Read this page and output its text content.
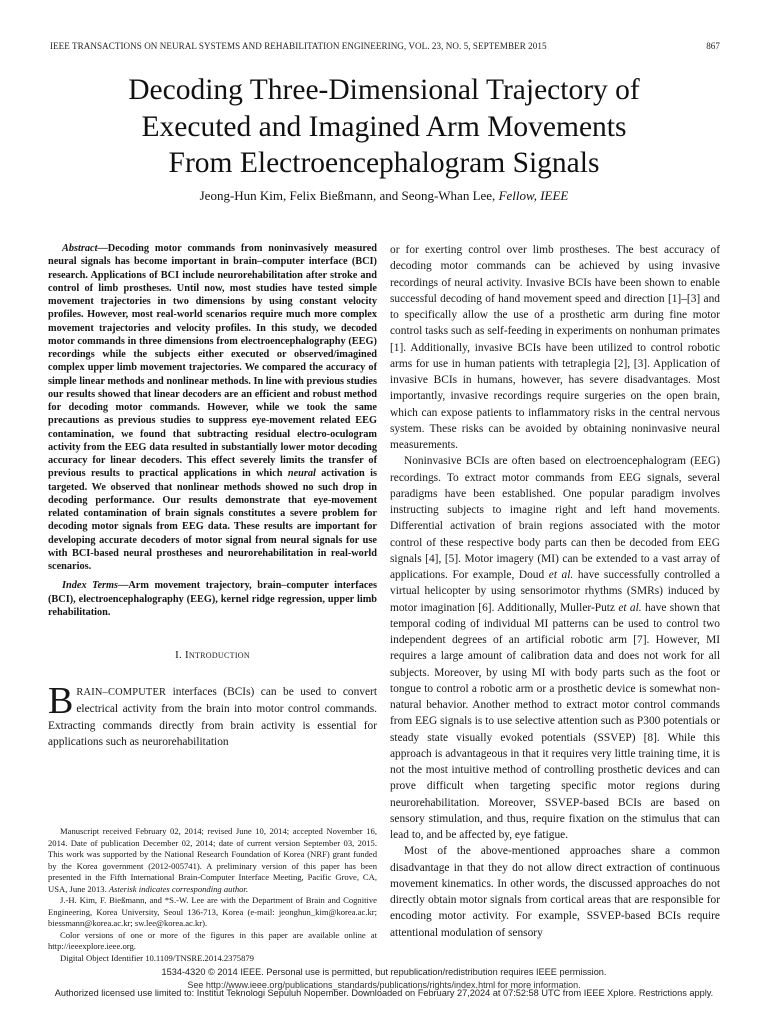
IEEE TRANSACTIONS ON NEURAL SYSTEMS AND REHABILITATION ENGINEERING, VOL. 23, NO. 5, SEPTEMBER 2015	867
Decoding Three-Dimensional Trajectory of
Executed and Imagined Arm Movements
From Electroencephalogram Signals
Jeong-Hun Kim, Felix Bießmann, and Seong-Whan Lee, Fellow, IEEE

Abstract—Decoding motor commands from noninvasively measured neural signals has become important in brain–computer interface (BCI) research. Applications of BCI include neurorehabilitation after stroke and control of limb prostheses. Until now, most studies have tested simple movement trajectories in two dimensions by using constant velocity profiles. However, most real-world scenarios require much more complex movement trajectories and velocity profiles. In this study, we decoded motor commands in three dimensions from electroencephalography (EEG) recordings while the subjects either executed or observed/imagined complex upper limb movement trajectories. We compared the accuracy of simple linear methods and nonlinear methods. In line with previous studies our results showed that linear decoders are an efficient and robust method for decoding motor commands. However, while we took the same precautions as previous studies to suppress eye-movement related EEG contamination, we found that subtracting residual electro-oculogram activity from the EEG data resulted in substantially lower motor decoding accuracy for linear decoders. This effect severely limits the transfer of previous results to practical applications in which neural activation is targeted. We observed that nonlinear methods showed no such drop in decoding performance. Our results demonstrate that eye-movement related contamination of brain signals constitutes a severe problem for decoding motor signals from EEG data. These results are important for developing accurate decoders of motor signal from neural signals for use with BCI-based neural prostheses and neurorehabilitation in real-world scenarios.

Index Terms—Arm movement trajectory, brain–computer interfaces (BCI), electroencephalography (EEG), kernel ridge regression, upper limb rehabilitation.
I. Introduction

BRAIN–COMPUTER interfaces (BCIs) can be used to convert electrical activity from the brain into motor control commands. Extracting commands directly from brain activity is essential for applications such as neurorehabilitation

or for exerting control over limb prostheses. The best accuracy of decoding motor commands can be achieved by using invasive recordings of neural activity. Invasive BCIs have been shown to enable successful decoding of hand movement speed and direction [1]–[3] and to specifically allow the use of a prosthetic arm during fine motor control tasks such as self-feeding in experiments on nonhuman primates [1]. Additionally, invasive BCIs have been utilized to control robotic arms for use in human patients with tetraplegia [2], [3]. Application of invasive BCIs in humans, however, has severe disadvantages. Most importantly, invasive recordings require surgeries on the open brain, which can expose patients to inflammatory risks in the central nervous system. These risks can be avoided by obtaining noninvasive neural measurements.

Noninvasive BCIs are often based on electroencephalogram (EEG) recordings. To extract motor commands from EEG signals, several paradigms have been established. One popular paradigm involves instructing subjects to imagine right and left hand movements. Differential activation of brain regions associated with the motor control of these respective body parts can then be decoded from EEG signals [4], [5]. Motor imagery (MI) can be extended to a vast array of applications. For example, Doud et al. have successfully controlled a virtual helicopter by using sensorimotor rhythms (SMRs) induced by motor imagination [6]. Additionally, Muller-Putz et al. have shown that temporal coding of individual MI patterns can be used to control two independent degrees of an artificial robotic arm [7]. However, MI requires a large amount of calibration data and does not work for all subjects. Moreover, by using MI with body parts such as the foot or tongue to control a robotic arm or a prosthetic device is somewhat non-natural behavior. Another method to extract motor control commands from EEG signals is to use selective attention such as P300 potentials or steady state visually evoked potentials (SSVEP) [8]. While this approach is advantageous in that it requires very little training time, it is not the most intuitive method of controlling prosthetic devices and can prove difficult when targeting specific motor regions during neurorehabilitation. Moreover, SSVEP-based BCIs are based on sensory stimulation, and thus, require fixation on the stimulus that can lead to, and be affected by, eye fatigue.

Most of the above-mentioned approaches share a common disadvantage in that they do not allow direct extraction of continuous movement kinematics. In other words, the discussed approaches do not directly obtain motor signals from cortical areas that are responsible for encoding motor activity. For example, SSVEP-based BCIs require attentional modulation of sensory

Manuscript received February 02, 2014; revised June 10, 2014; accepted November 16, 2014. Date of publication December 02, 2014; date of current version September 03, 2015. This work was supported by the National Research Foundation of Korea (NRF) grant funded by the Korea government (2012-005741). A preliminary version of this paper has been presented in the Fifth International Brain-Computer Interface Meeting, Pacific Grove, CA, USA, June 2013. Asterisk indicates corresponding author.

J.-H. Kim, F. Bießmann, and *S.-W. Lee are with the Department of Brain and Cognitive Engineering, Korea University, Seoul 136-713, Korea (e-mail: jeonghun_kim@korea.ac.kr; biessmann@korea.ac.kr; sw.lee@korea.ac.kr).

Color versions of one or more of the figures in this paper are available online at http://ieeexplore.ieee.org.

Digital Object Identifier 10.1109/TNSRE.2014.2375879

1534-4320 © 2014 IEEE. Personal use is permitted, but republication/redistribution requires IEEE permission.
See http://www.ieee.org/publications_standards/publications/rights/index.html for more information.
Authorized licensed use limited to: Institut Teknologi Sepuluh Nopember. Downloaded on February 27,2024 at 07:52:58 UTC from IEEE Xplore. Restrictions apply.
